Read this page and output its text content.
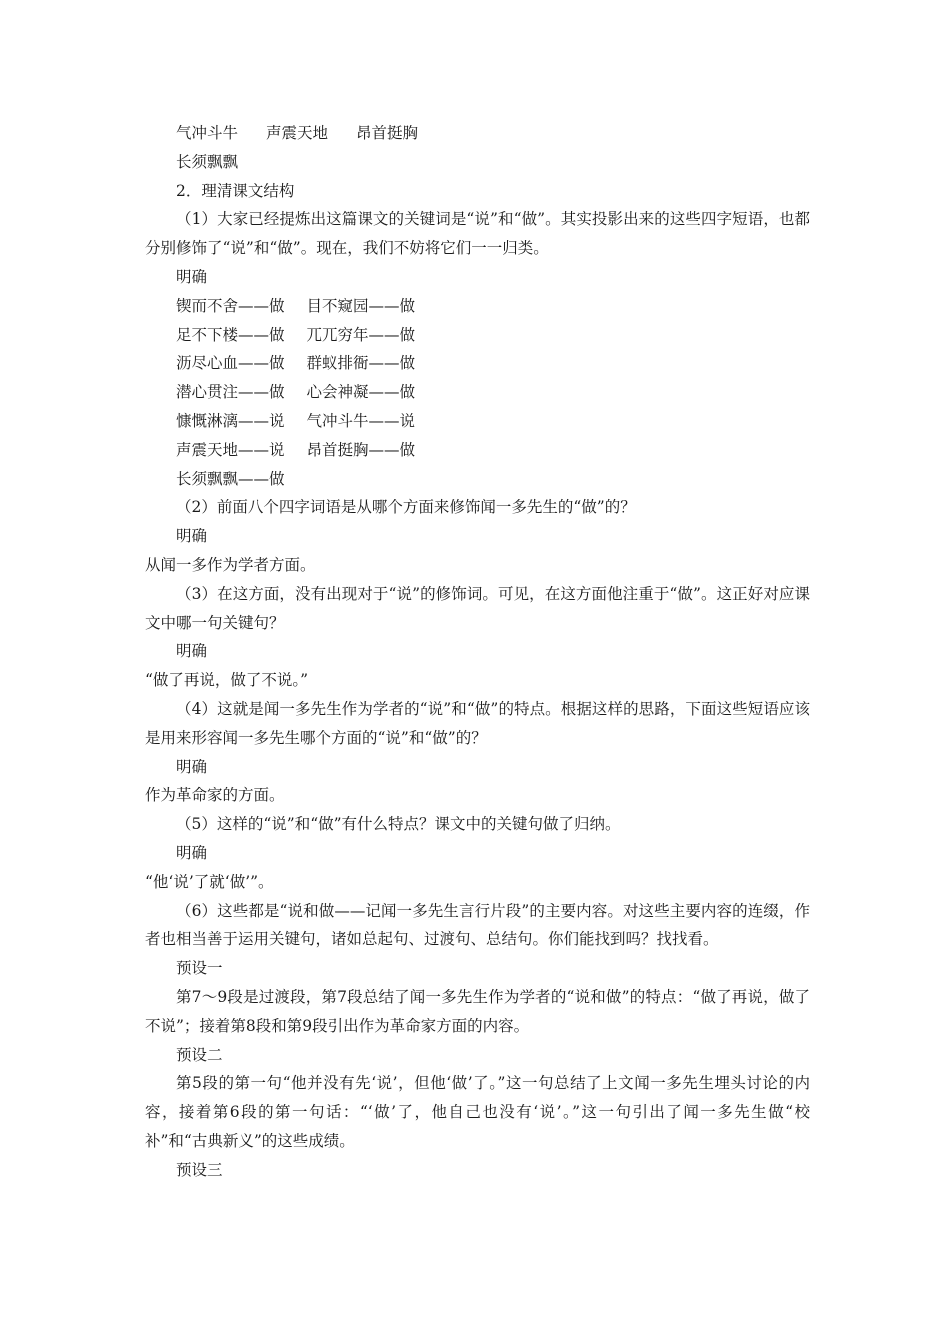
气冲斗牛 声震天地 昂首挺胸
长须飘飘
2．理清课文结构
（1）大家已经提炼出这篇课文的关键词是“说”和“做”。其实投影出来的这些四字短语，也都分别修饰了“说”和“做”。现在，我们不妨将它们一一归类。
明确
锲而不舍——做 目不窥园——做
足不下楼——做 兀兀穷年——做
沥尽心血——做 群蚁排衙——做
潜心贯注——做 心会神凝——做
慷慨淋漓——说 气冲斗牛——说
声震天地——说 昂首挺胸——做
长须飘飘——做
（2）前面八个四字词语是从哪个方面来修饰闻一多先生的“做”的？
明确
从闻一多作为学者方面。
（3）在这方面，没有出现对于“说”的修饰词。可见，在这方面他注重于“做”。这正好对应课文中哪一句关键句？
明确
“做了再说，做了不说。”
（4）这就是闻一多先生作为学者的“说”和“做”的特点。根据这样的思路，下面这些短语应该是用来形容闻一多先生哪个方面的“说”和“做”的？
明确
作为革命家的方面。
（5）这样的“说”和“做”有什么特点？课文中的关键句做了归纳。
明确
“他‘说’了就‘做’”。
（6）这些都是“说和做——记闻一多先生言行片段”的主要内容。对这些主要内容的连缀，作者也相当善于运用关键句，诸如总起句、过渡句、总结句。你们能找到吗？找找看。
预设一
第7～9段是过渡段，第7段总结了闻一多先生作为学者的“说和做”的特点：“做了再说，做了不说”；接着第8段和第9段引出作为革命家方面的内容。
预设二
第5段的第一句“他并没有先‘说’，但他‘做’了。”这一句总结了上文闻一多先生埋头讨论的内容，接着第6段的第一句话：“‘做’了，他自己也没有‘说’。”这一句引出了闻一多先生做“校补”和“古典新义”的这些成绩。
预设三
